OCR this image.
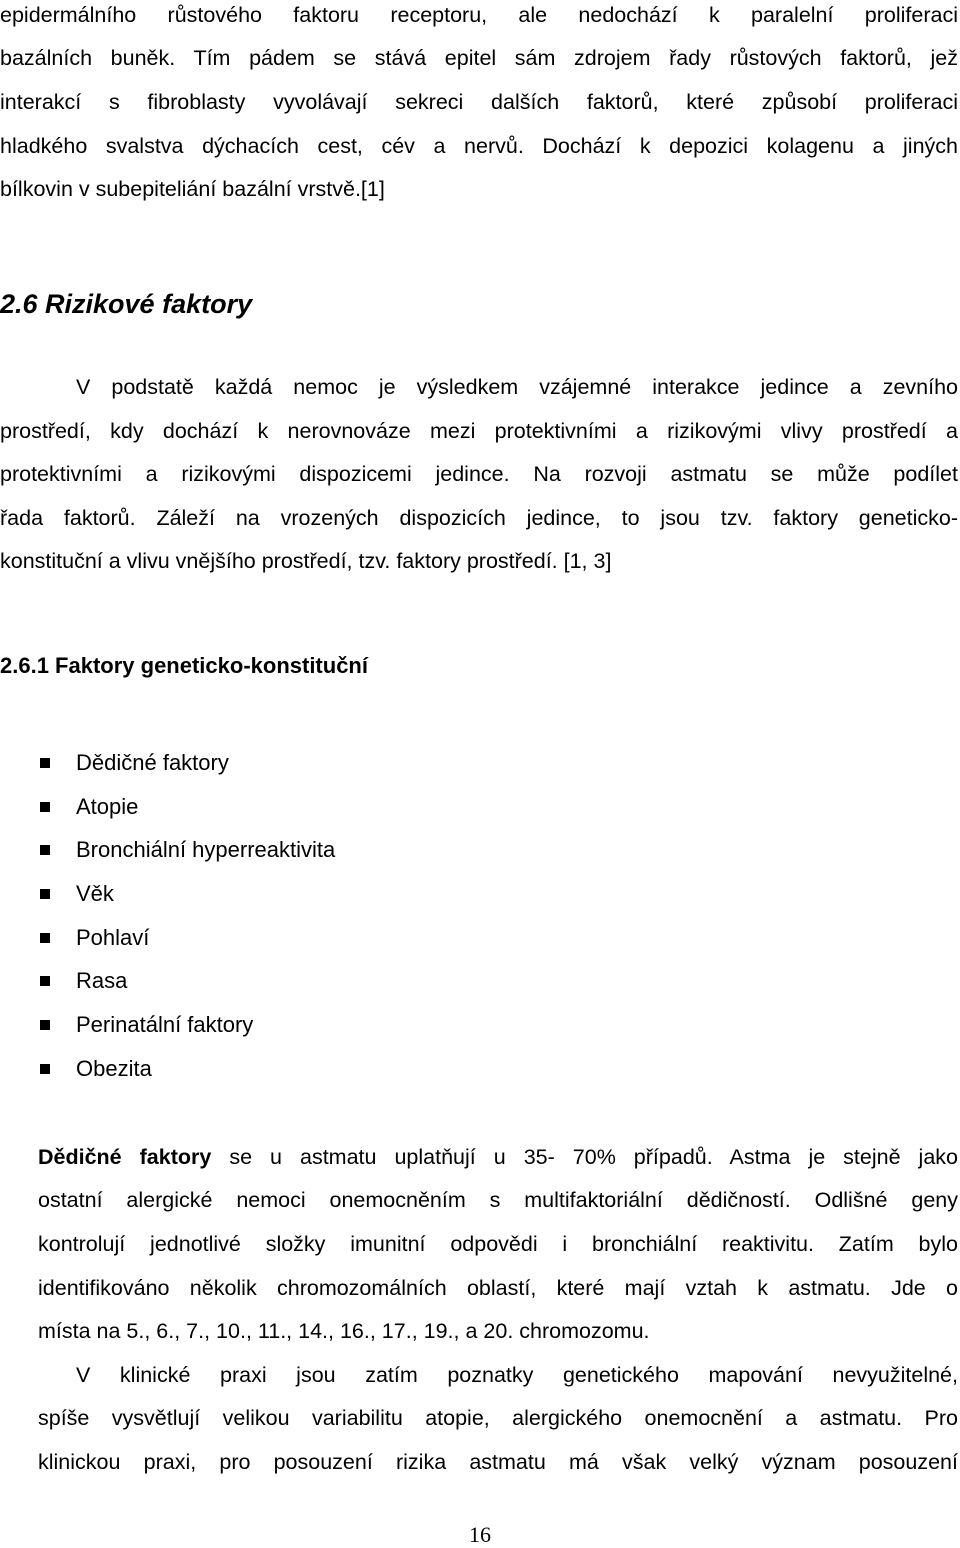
epidermálního růstového faktoru receptoru, ale nedochází k paralelní proliferaci
bazálních buněk. Tím pádem se stává epitel sám zdrojem řady růstových faktorů, jež
interakcí s fibroblasty vyvolávají sekreci dalších faktorů, které způsobí proliferaci
hladkého svalstva dýchacích cest, cév a nervů. Dochází k depozici kolagenu a jiných
bílkovin v subepiteliání bazální vrstvě.[1]
2.6 Rizikové faktory
V podstatě každá nemoc je výsledkem vzájemné interakce jedince a zevního
prostředí, kdy dochází k nerovnováze mezi protektivními a rizikovými vlivy prostředí a
protektivními a rizikovými dispozicemi jedince. Na rozvoji astmatu se může podílet
řada faktorů. Záleží na vrozených dispozicích jedince, to jsou tzv. faktory geneticko-
konstituční a vlivu vnějšího prostředí, tzv. faktory prostředí. [1, 3]
2.6.1 Faktory geneticko-konstituční
Dědičné faktory
Atopie
Bronchiální hyperreaktivita
Věk
Pohlaví
Rasa
Perinatální faktory
Obezita
Dědičné faktory se u astmatu uplatňují u 35- 70% případů. Astma je stejně jako
ostatní alergické nemoci onemocněním s multifaktoriální dědičností. Odlišné geny
kontrolují jednotlivé složky imunitní odpovědi i bronchiální reaktivitu. Zatím bylo
identifikováno několik chromozomálních oblastí, které mají vztah k astmatu. Jde o
místa na 5., 6., 7., 10., 11., 14., 16., 17., 19., a 20. chromozomu.
V klinické praxi jsou zatím poznatky genetického mapování nevyužitelné,
spíše vysvětlují velikou variabilitu atopie, alergického onemocnění a astmatu. Pro
klinickou praxi, pro posouzení rizika astmatu má však velký význam posouzení
16
